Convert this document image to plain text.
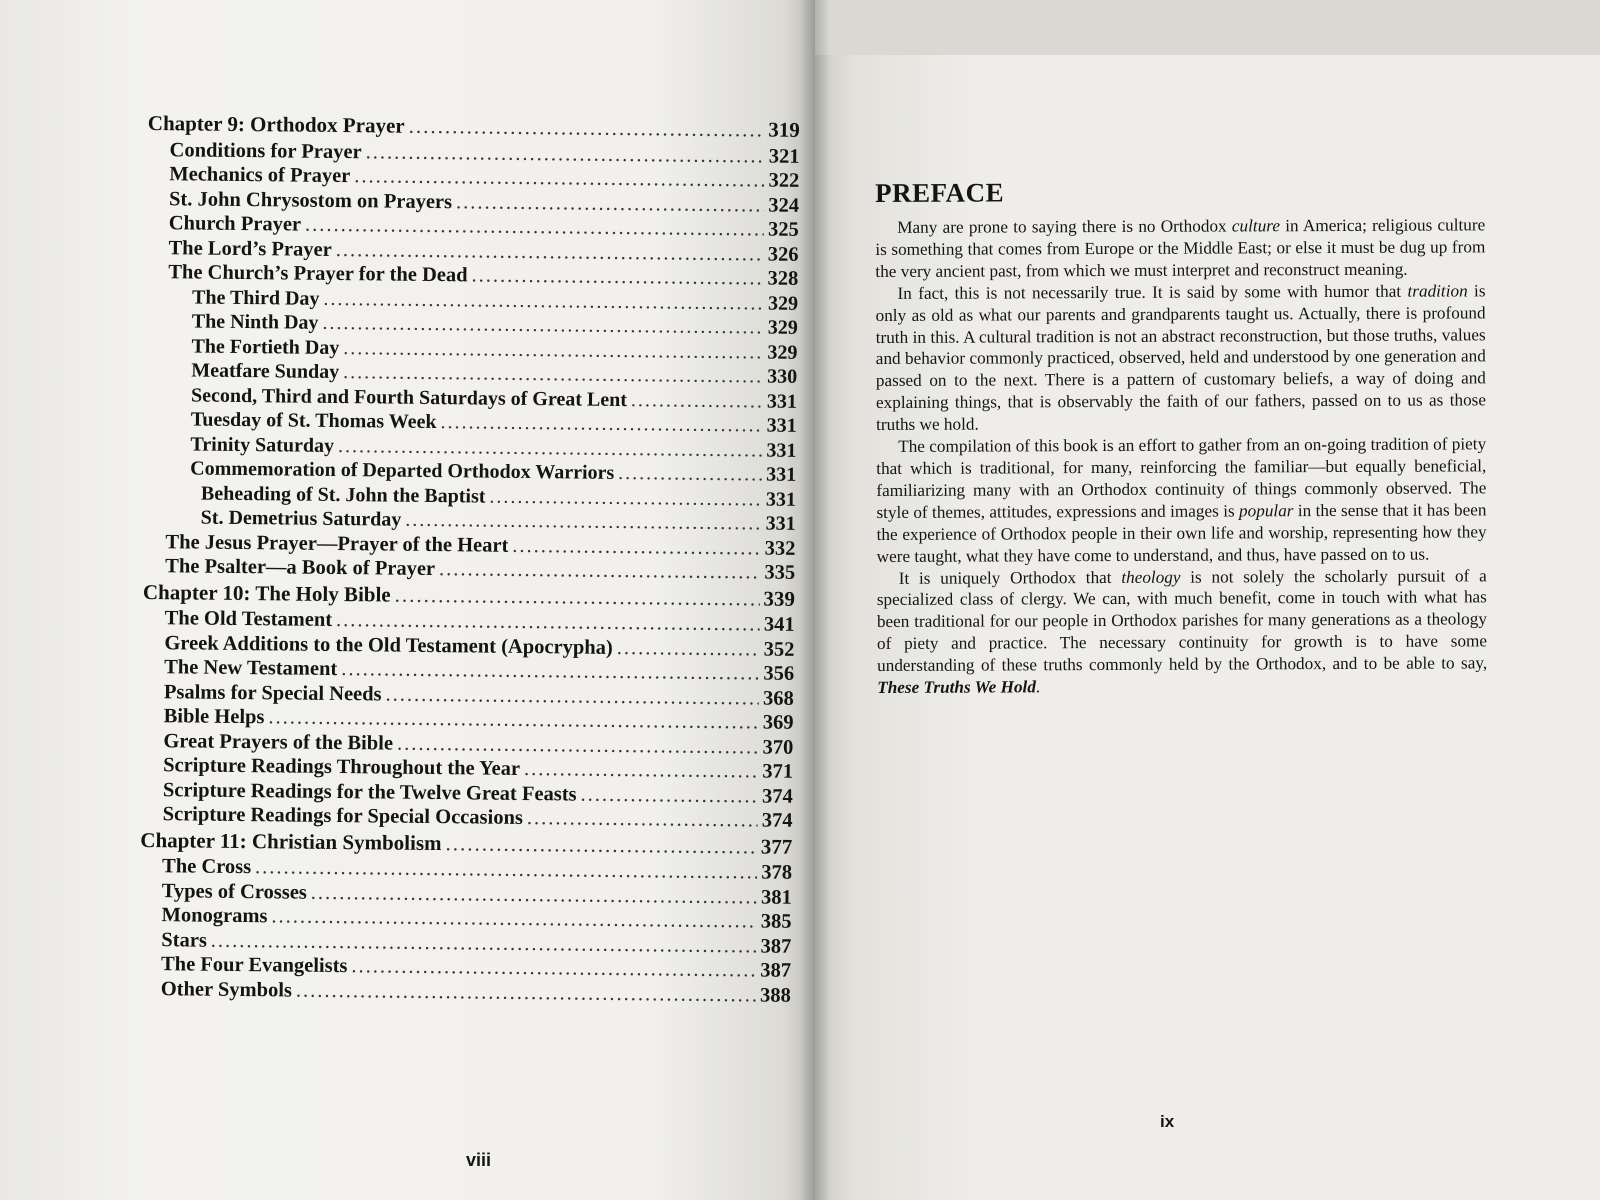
Chapter 9: Orthodox Prayer .....	319
Conditions for Prayer .....	321
Mechanics of Prayer .....	322
St. John Chrysostom on Prayers .....	324
Church Prayer .....	325
The Lord’s Prayer .....	326
The Church’s Prayer for the Dead .....	328
The Third Day .....	329
The Ninth Day .....	329
The Fortieth Day .....	329
Meatfare Sunday .....	330
Second, Third and Fourth Saturdays of Great Lent .....	331
Tuesday of St. Thomas Week .....	331
Trinity Saturday .....	331
Commemoration of Departed Orthodox Warriors .....	331
Beheading of St. John the Baptist .....	331
St. Demetrius Saturday .....	331
The Jesus Prayer—Prayer of the Heart .....	332
The Psalter—a Book of Prayer .....	335
Chapter 10: The Holy Bible .....	339
The Old Testament .....	341
Greek Additions to the Old Testament (Apocrypha) .....	352
The New Testament .....	356
Psalms for Special Needs .....	368
Bible Helps .....	369
Great Prayers of the Bible .....	370
Scripture Readings Throughout the Year .....	371
Scripture Readings for the Twelve Great Feasts .....	374
Scripture Readings for Special Occasions .....	374
Chapter 11: Christian Symbolism .....	377
The Cross .....	378
Types of Crosses .....	381
Monograms .....	385
Stars .....	387
The Four Evangelists .....	387
Other Symbols .....	388
viii
PREFACE

Many are prone to saying there is no Orthodox culture in America; religious culture is something that comes from Europe or the Middle East; or else it must be dug up from the very ancient past, from which we must interpret and reconstruct meaning.

In fact, this is not necessarily true. It is said by some with humor that tradition is only as old as what our parents and grandparents taught us. Actually, there is profound truth in this. A cultural tradition is not an abstract reconstruction, but those truths, values and behavior commonly practiced, observed, held and understood by one generation and passed on to the next. There is a pattern of customary beliefs, a way of doing and explaining things, that is observably the faith of our fathers, passed on to us as those truths we hold.

The compilation of this book is an effort to gather from an on-going tradition of piety that which is traditional, for many, reinforcing the familiar—but equally beneficial, familiarizing many with an Orthodox continuity of things commonly observed. The style of themes, attitudes, expressions and images is popular in the sense that it has been the experience of Orthodox people in their own life and worship, representing how they were taught, what they have come to understand, and thus, have passed on to us.

It is uniquely Orthodox that theology is not solely the scholarly pursuit of a specialized class of clergy. We can, with much benefit, come in touch with what has been traditional for our people in Orthodox parishes for many generations as a theology of piety and practice. The necessary continuity for growth is to have some understanding of these truths commonly held by the Orthodox, and to be able to say, These Truths We Hold.

ix
